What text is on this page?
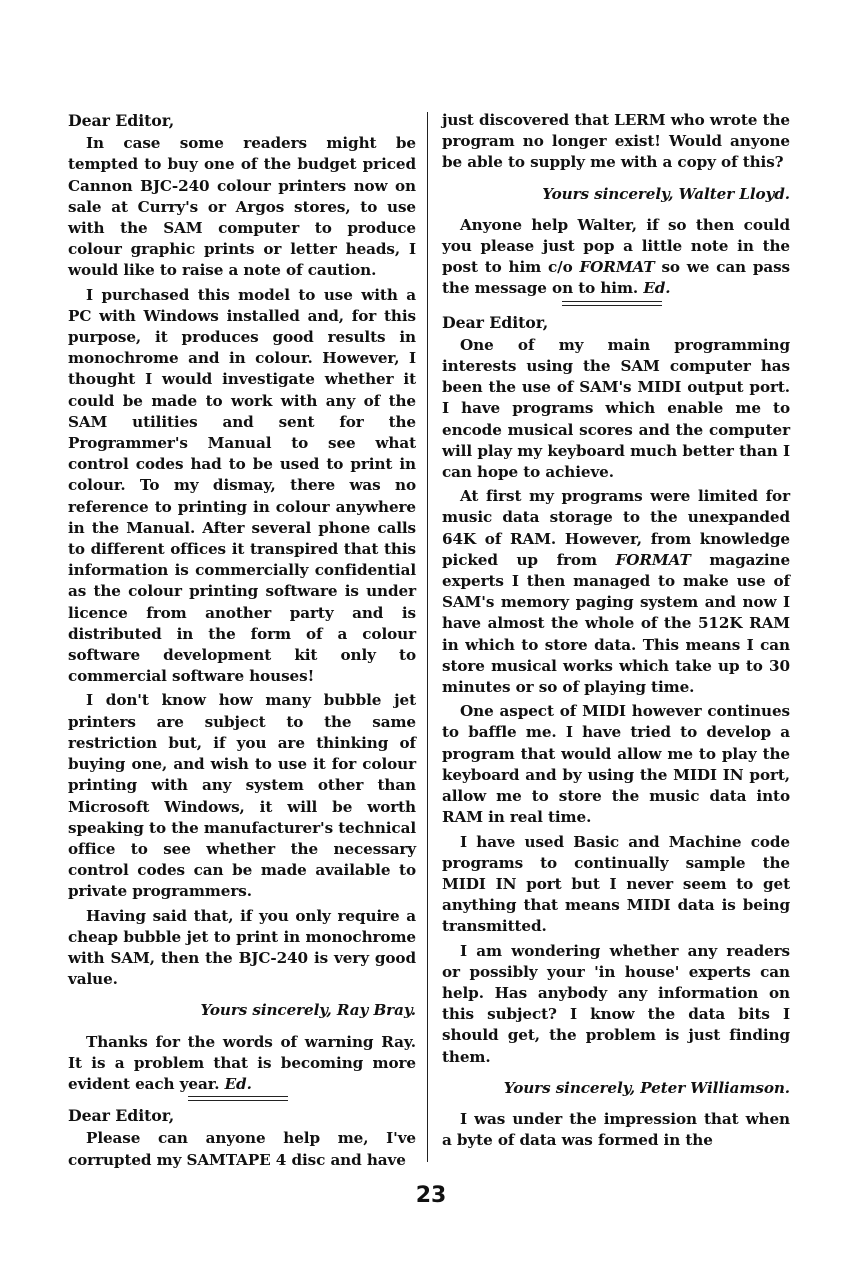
Dear Editor,
In case some readers might be tempted to buy one of the budget priced Cannon BJC-240 colour printers now on sale at Curry's or Argos stores, to use with the SAM computer to produce colour graphic prints or letter heads, I would like to raise a note of caution.
I purchased this model to use with a PC with Windows installed and, for this purpose, it produces good results in monochrome and in colour. However, I thought I would investigate whether it could be made to work with any of the SAM utilities and sent for the Programmer's Manual to see what control codes had to be used to print in colour. To my dismay, there was no reference to printing in colour anywhere in the Manual. After several phone calls to different offices it transpired that this information is commercially confidential as the colour printing software is under licence from another party and is distributed in the form of a colour software development kit only to commercial software houses!
I don't know how many bubble jet printers are subject to the same restriction but, if you are thinking of buying one, and wish to use it for colour printing with any system other than Microsoft Windows, it will be worth speaking to the manufacturer's technical office to see whether the necessary control codes can be made available to private programmers.
Having said that, if you only require a cheap bubble jet to print in monochrome with SAM, then the BJC-240 is very good value.
Yours sincerely, Ray Bray.
Thanks for the words of warning Ray. It is a problem that is becoming more evident each year. Ed.
Dear Editor,
Please can anyone help me, I've corrupted my SAMTAPE 4 disc and have
just discovered that LERM who wrote the program no longer exist! Would anyone be able to supply me with a copy of this?
Yours sincerely, Walter Lloyd.
Anyone help Walter, if so then could you please just pop a little note in the post to him c/o FORMAT so we can pass the message on to him. Ed.
Dear Editor,
One of my main programming interests using the SAM computer has been the use of SAM's MIDI output port. I have programs which enable me to encode musical scores and the computer will play my keyboard much better than I can hope to achieve.
At first my programs were limited for music data storage to the unexpanded 64K of RAM. However, from knowledge picked up from FORMAT magazine experts I then managed to make use of SAM's memory paging system and now I have almost the whole of the 512K RAM in which to store data. This means I can store musical works which take up to 30 minutes or so of playing time.
One aspect of MIDI however continues to baffle me. I have tried to develop a program that would allow me to play the keyboard and by using the MIDI IN port, allow me to store the music data into RAM in real time.
I have used Basic and Machine code programs to continually sample the MIDI IN port but I never seem to get anything that means MIDI data is being transmitted.
I am wondering whether any readers or possibly your 'in house' experts can help. Has anybody any information on this subject? I know the data bits I should get, the problem is just finding them.
Yours sincerely, Peter Williamson.
I was under the impression that when a byte of data was formed in the
23
